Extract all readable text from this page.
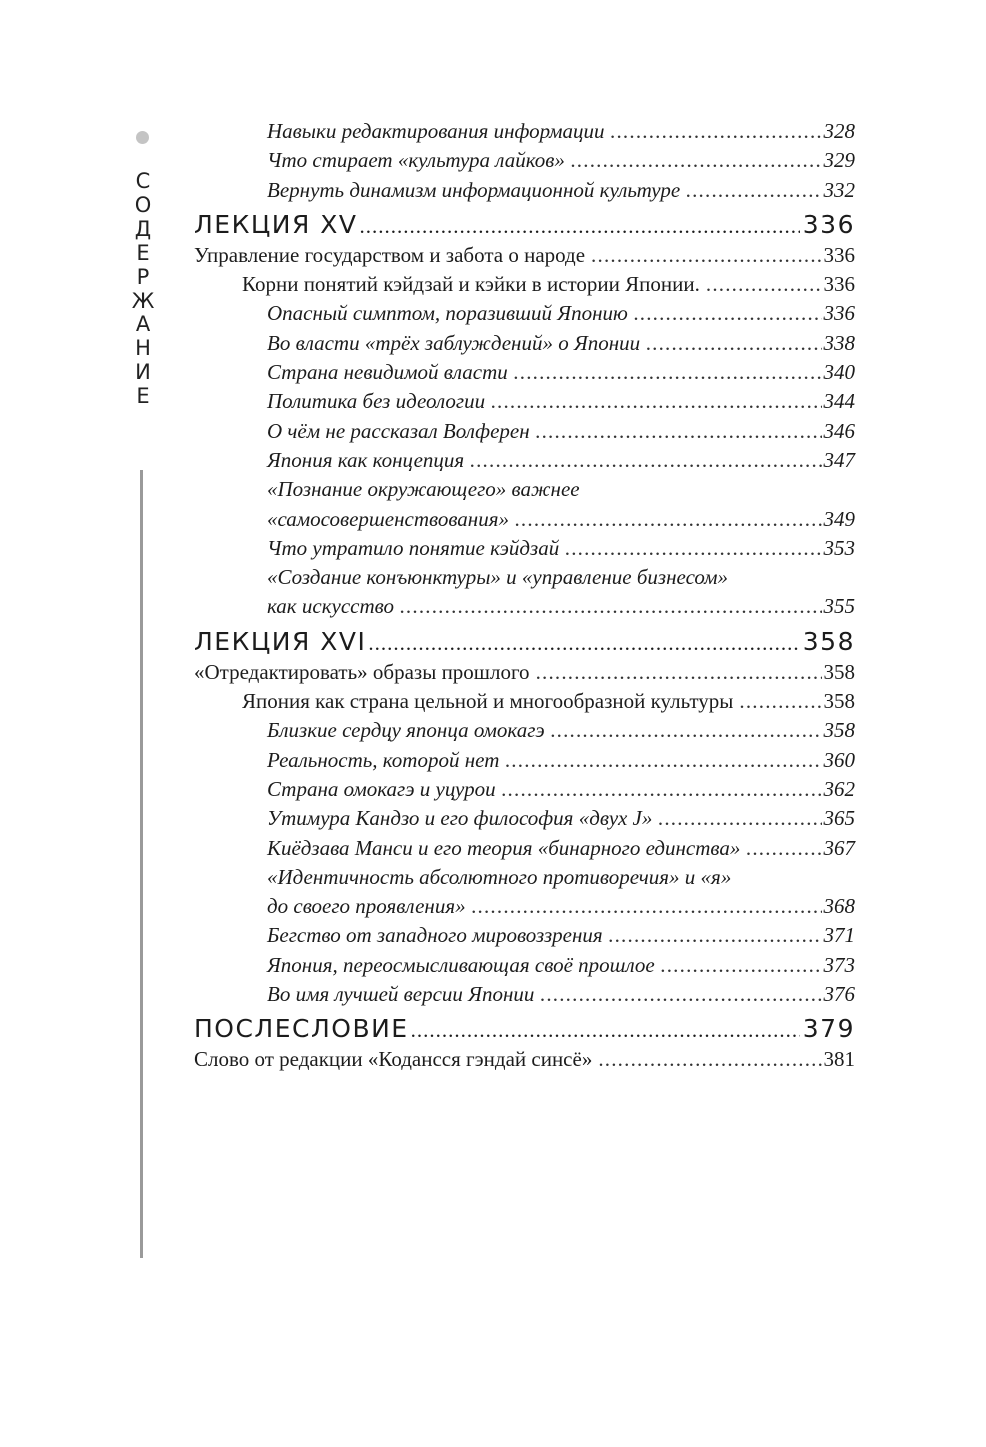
С
О
Д
Е
Р
Ж
А
Н
И
Е
Навыки редактирования информации .....	328
Что стирает «культура лайков» .....	329
Вернуть динамизм информационной культуре .....	332
ЛЕКЦИЯ XV .....	336
Управление государством и забота о народе .....	336
Корни понятий кэйдзай и кэйки в истории Японии. .....	336
Опасный симптом, поразивший Японию .....	336
Во власти «трёх заблуждений» о Японии .....	338
Страна невидимой власти .....	340
Политика без идеологии .....	344
О чём не рассказал Волферен .....	346
Япония как концепция .....	347
«Познание окружающего» важнее
«самосовершенствования» .....	349
Что утратило понятие кэйдзай .....	353
«Создание конъюнктуры» и «управление бизнесом»
как искусство .....	355
ЛЕКЦИЯ XVI .....	358
«Отредактировать» образы прошлого .....	358
Япония как страна цельной и многообразной культуры .....	358
Близкие сердцу японца омокагэ .....	358
Реальность, которой нет .....	360
Страна омокагэ и уцурои .....	362
Утимура Кандзо и его философия «двух J» .....	365
Киёдзава Манси и его теория «бинарного единства» .....	367
«Идентичность абсолютного противоречия» и «я»
до своего проявления» .....	368
Бегство от западного мировоззрения .....	371
Япония, переосмысливающая своё прошлое .....	373
Во имя лучшей версии Японии .....	376
ПОСЛЕСЛОВИЕ .....	379
Слово от редакции «Кодансся гэндай синсё» .....	381
